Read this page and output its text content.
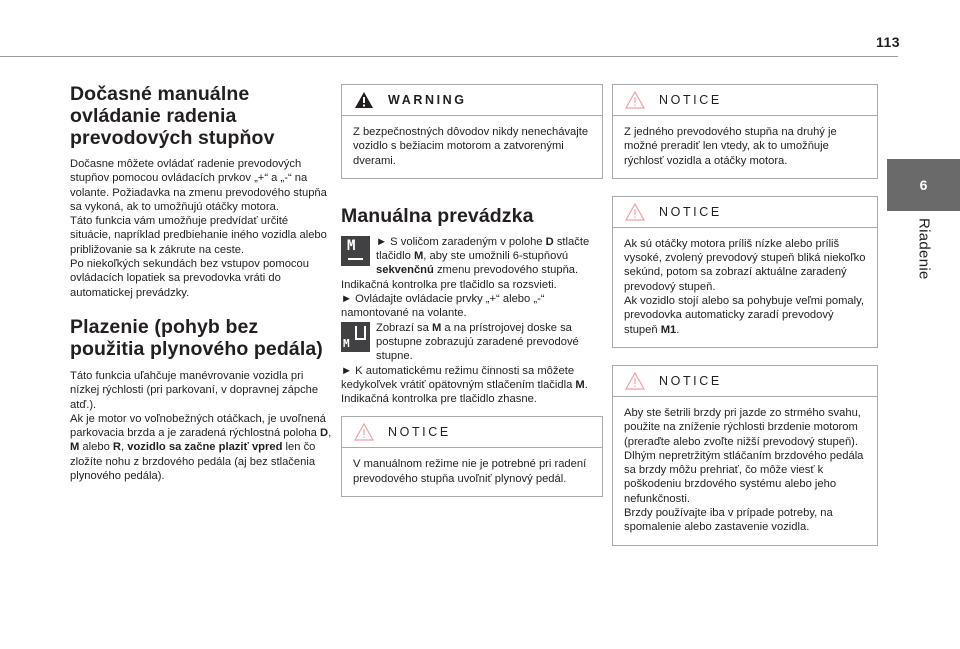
113
6
Riadenie
Dočasné manuálne ovládanie radenia prevodových stupňov

Dočasne môžete ovládať radenie prevodových stupňov pomocou ovládacích prvkov „+“ a „-“ na volante. Požiadavka na zmenu prevodového stupňa sa vykoná, ak to umožňujú otáčky motora.

Táto funkcia vám umožňuje predvídať určité situácie, napríklad predbiehanie iného vozidla alebo približovanie sa k zákrute na ceste.

Po niekoľkých sekundách bez vstupov pomocou ovládacích lopatiek sa prevodovka vráti do automatickej prevádzky.

Plazenie (pohyb bez použitia plynového pedála)

Táto funkcia uľahčuje manévrovanie vozidla pri nízkej rýchlosti (pri parkovaní, v dopravnej zápche atď.).

Ak je motor vo voľnobežných otáčkach, je uvoľnená parkovacia brzda a je zaradená rýchlostná poloha D, M alebo R, vozidlo sa začne plaziť vpred len čo zložíte nohu z brzdového pedála (aj bez stlačenia plynového pedála).

WARNING

Z bezpečnostných dôvodov nikdy nenechávajte vozidlo s bežiacim motorom a zatvorenými dverami.

Manuálna prevádzka
M	► S voličom zaradeným v polohe D stlačte tlačidlo M, aby ste umožnili 6-stupňovú sekvenčnú zmenu prevodového stupňa.

Indikačná kontrolka pre tlačidlo sa rozsvieti.

► Ovládajte ovládacie prvky „+“ alebo „-“ namontované na volante.

M

Zobrazí sa M a na prístrojovej doske sa postupne zobrazujú zaradené prevodové stupne.

► K automatickému režimu činnosti sa môžete kedykoľvek vrátiť opätovným stlačením tlačidla M.

Indikačná kontrolka pre tlačidlo zhasne.

NOTICE

V manuálnom režime nie je potrebné pri radení prevodového stupňa uvoľniť plynový pedál.

NOTICE

Z jedného prevodového stupňa na druhý je možné preradiť len vtedy, ak to umožňuje rýchlosť vozidla a otáčky motora.

NOTICE

Ak sú otáčky motora príliš nízke alebo príliš vysoké, zvolený prevodový stupeň bliká niekoľko sekúnd, potom sa zobrazí aktuálne zaradený prevodový stupeň.

Ak vozidlo stojí alebo sa pohybuje veľmi pomaly, prevodovka automaticky zaradí prevodový stupeň M1.

NOTICE

Aby ste šetrili brzdy pri jazde zo strmého svahu, použite na zníženie rýchlosti brzdenie motorom (preraďte alebo zvoľte nižší prevodový stupeň).

Dlhým nepretržitým stláčaním brzdového pedála sa brzdy môžu prehriať, čo môže viesť k poškodeniu brzdového systému alebo jeho nefunkčnosti.

Brzdy používajte iba v prípade potreby, na spomalenie alebo zastavenie vozidla.
